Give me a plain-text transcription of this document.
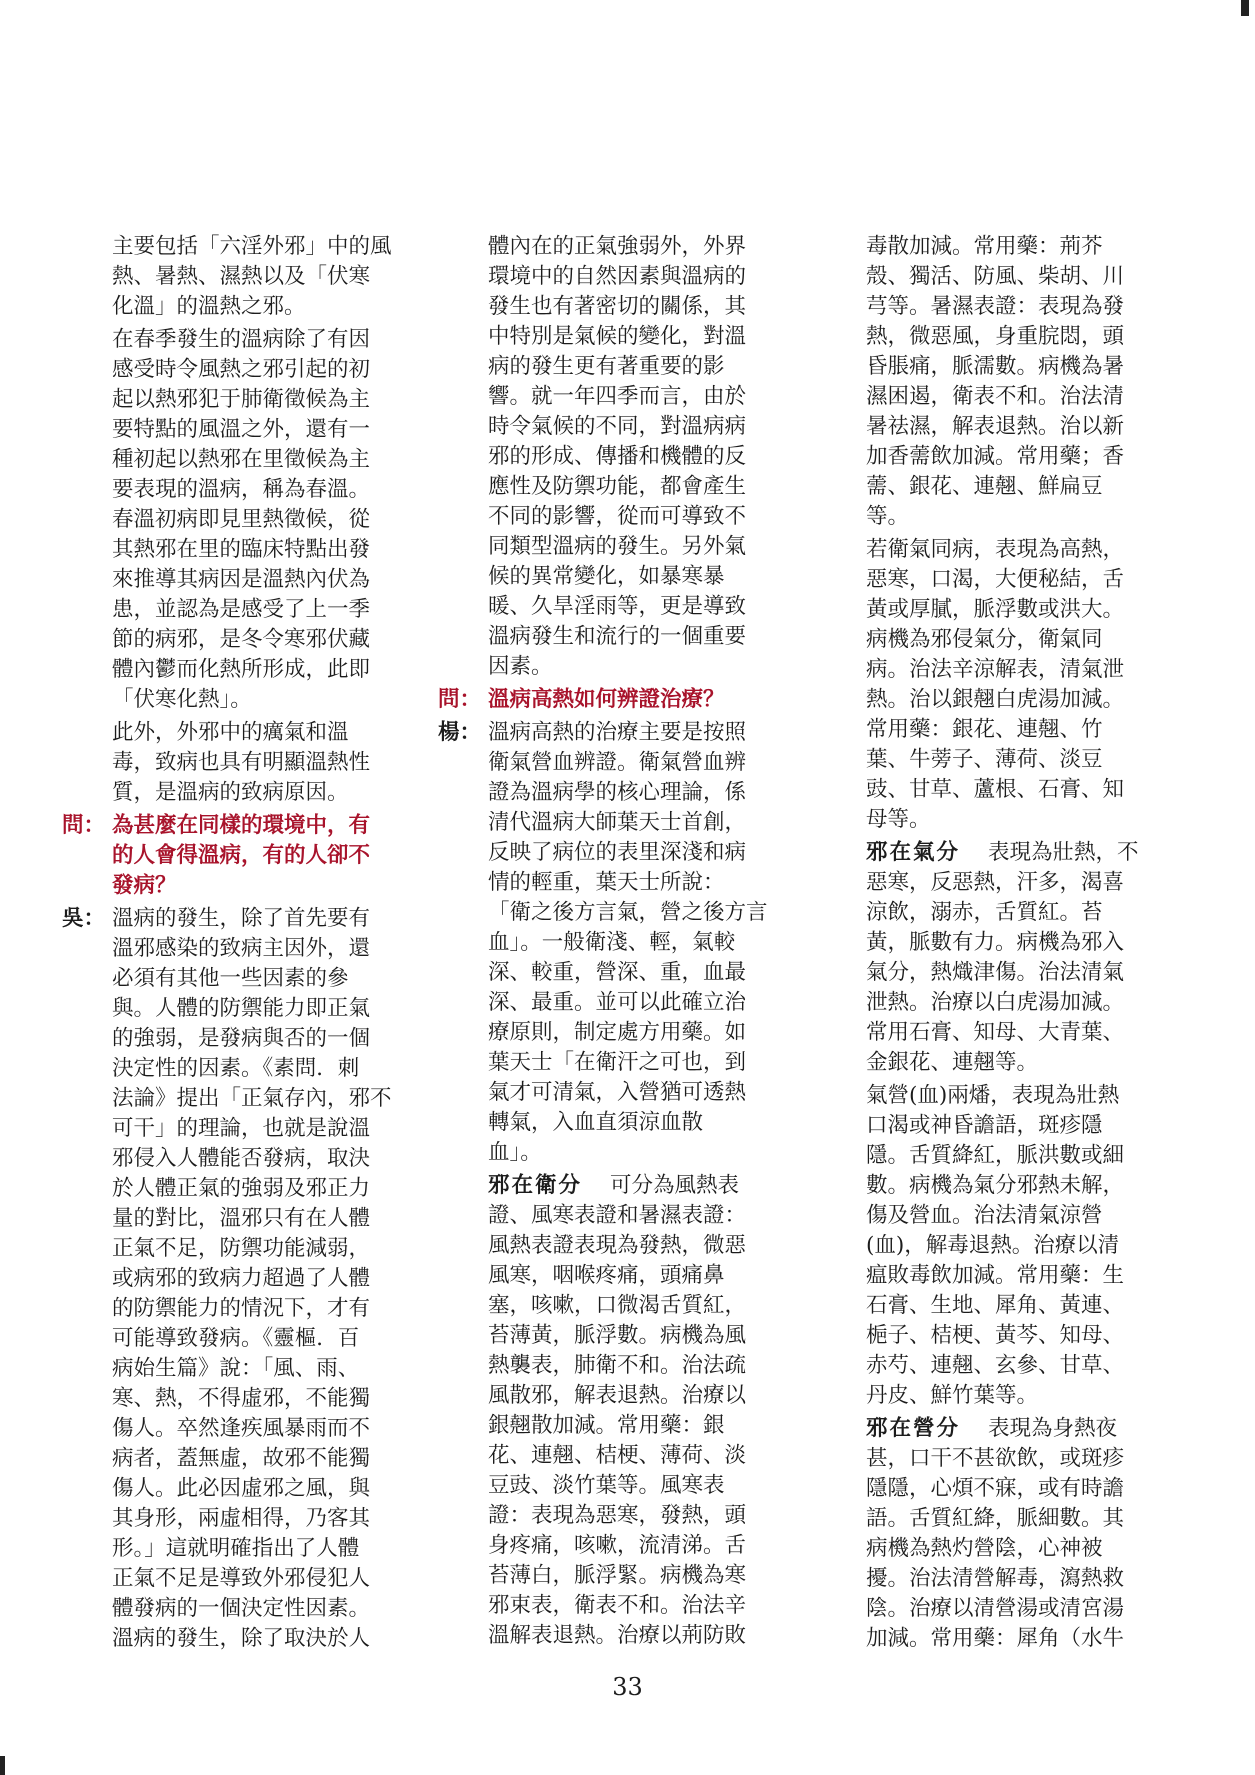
主要包括「六淫外邪」中的風
熱、暑熱、濕熱以及「伏寒
化溫」的溫熱之邪。

在春季發生的溫病除了有因
感受時令風熱之邪引起的初
起以熱邪犯于肺衛徵候為主
要特點的風溫之外，還有一
種初起以熱邪在里徵候為主
要表現的溫病，稱為春溫。
春溫初病即見里熱徵候，從
其熱邪在里的臨床特點出發
來推導其病因是溫熱內伏為
患，並認為是感受了上一季
節的病邪，是冬令寒邪伏藏
體內鬱而化熱所形成，此即
「伏寒化熱」。

此外，外邪中的癘氣和溫
毒，致病也具有明顯溫熱性
質，是溫病的致病原因。

問： 為甚麼在同樣的環境中，有
的人會得溫病，有的人卻不
發病？
吳： 溫病的發生，除了首先要有
溫邪感染的致病主因外，還
必須有其他一些因素的參
與。人體的防禦能力即正氣
的強弱，是發病與否的一個
決定性的因素。《素問．刺
法論》提出「正氣存內，邪不
可干」的理論，也就是說溫
邪侵入人體能否發病，取決
於人體正氣的強弱及邪正力
量的對比，溫邪只有在人體
正氣不足，防禦功能減弱，
或病邪的致病力超過了人體
的防禦能力的情況下，才有
可能導致發病。《靈樞．百
病始生篇》說：「風、雨、
寒、熱，不得虛邪，不能獨
傷人。卒然逢疾風暴雨而不
病者，蓋無虛，故邪不能獨
傷人。此必因虛邪之風，與
其身形，兩虛相得，乃客其
形。」這就明確指出了人體
正氣不足是導致外邪侵犯人
體發病的一個決定性因素。
溫病的發生，除了取決於人

體內在的正氣強弱外，外界
環境中的自然因素與溫病的
發生也有著密切的關係，其
中特別是氣候的變化，對溫
病的發生更有著重要的影
響。就一年四季而言，由於
時令氣候的不同，對溫病病
邪的形成、傳播和機體的反
應性及防禦功能，都會產生
不同的影響，從而可導致不
同類型溫病的發生。另外氣
候的異常變化，如暴寒暴
暖、久旱淫雨等，更是導致
溫病發生和流行的一個重要
因素。

問： 溫病高熱如何辨證治療？
楊： 溫病高熱的治療主要是按照
衛氣營血辨證。衛氣營血辨
證為溫病學的核心理論，係
清代溫病大師葉天士首創，
反映了病位的表里深淺和病
情的輕重，葉天士所說：
「衛之後方言氣，營之後方言
血」。一般衛淺、輕，氣較
深、較重，營深、重，血最
深、最重。並可以此確立治
療原則，制定處方用藥。如
葉天士「在衛汗之可也，到
氣才可清氣，入營猶可透熱
轉氣，入血直須涼血散
血」。

邪在衛分 可分為風熱表
證、風寒表證和暑濕表證：
風熱表證表現為發熱，微惡
風寒，咽喉疼痛，頭痛鼻
塞，咳嗽，口微渴舌質紅，
苔薄黃，脈浮數。病機為風
熱襲表，肺衛不和。治法疏
風散邪，解表退熱。治療以
銀翹散加減。常用藥：銀
花、連翹、桔梗、薄荷、淡
豆豉、淡竹葉等。風寒表
證：表現為惡寒，發熱，頭
身疼痛，咳嗽，流清涕。舌
苔薄白，脈浮緊。病機為寒
邪束表，衛表不和。治法辛
溫解表退熱。治療以荊防敗

毒散加減。常用藥：荊芥
殼、獨活、防風、柴胡、川
芎等。暑濕表證：表現為發
熱，微惡風，身重脘悶，頭
昏脹痛，脈濡數。病機為暑
濕困遏，衛表不和。治法清
暑祛濕，解表退熱。治以新
加香薷飲加減。常用藥；香
薷、銀花、連翹、鮮扁豆
等。

若衛氣同病，表現為高熱，
惡寒，口渴，大便秘結，舌
黃或厚膩，脈浮數或洪大。
病機為邪侵氣分，衛氣同
病。治法辛涼解表，清氣泄
熱。治以銀翹白虎湯加減。
常用藥：銀花、連翹、竹
葉、牛蒡子、薄荷、淡豆
豉、甘草、蘆根、石膏、知
母等。

邪在氣分 表現為壯熱，不
惡寒，反惡熱，汗多，渴喜
涼飲，溺赤，舌質紅。苔
黃，脈數有力。病機為邪入
氣分，熱熾津傷。治法清氣
泄熱。治療以白虎湯加減。
常用石膏、知母、大青葉、
金銀花、連翹等。

氣營(血)兩燔，表現為壯熱
口渴或神昏譫語，斑疹隱
隱。舌質絳紅，脈洪數或細
數。病機為氣分邪熱未解，
傷及營血。治法清氣涼營
(血)，解毒退熱。治療以清
瘟敗毒飲加減。常用藥：生
石膏、生地、犀角、黃連、
梔子、桔梗、黃芩、知母、
赤芍、連翹、玄參、甘草、
丹皮、鮮竹葉等。

邪在營分 表現為身熱夜
甚，口干不甚欲飲，或斑疹
隱隱，心煩不寐，或有時譫
語。舌質紅絳，脈細數。其
病機為熱灼營陰，心神被
擾。治法清營解毒，瀉熱救
陰。治療以清營湯或清宮湯
加減。常用藥：犀角（水牛

33
